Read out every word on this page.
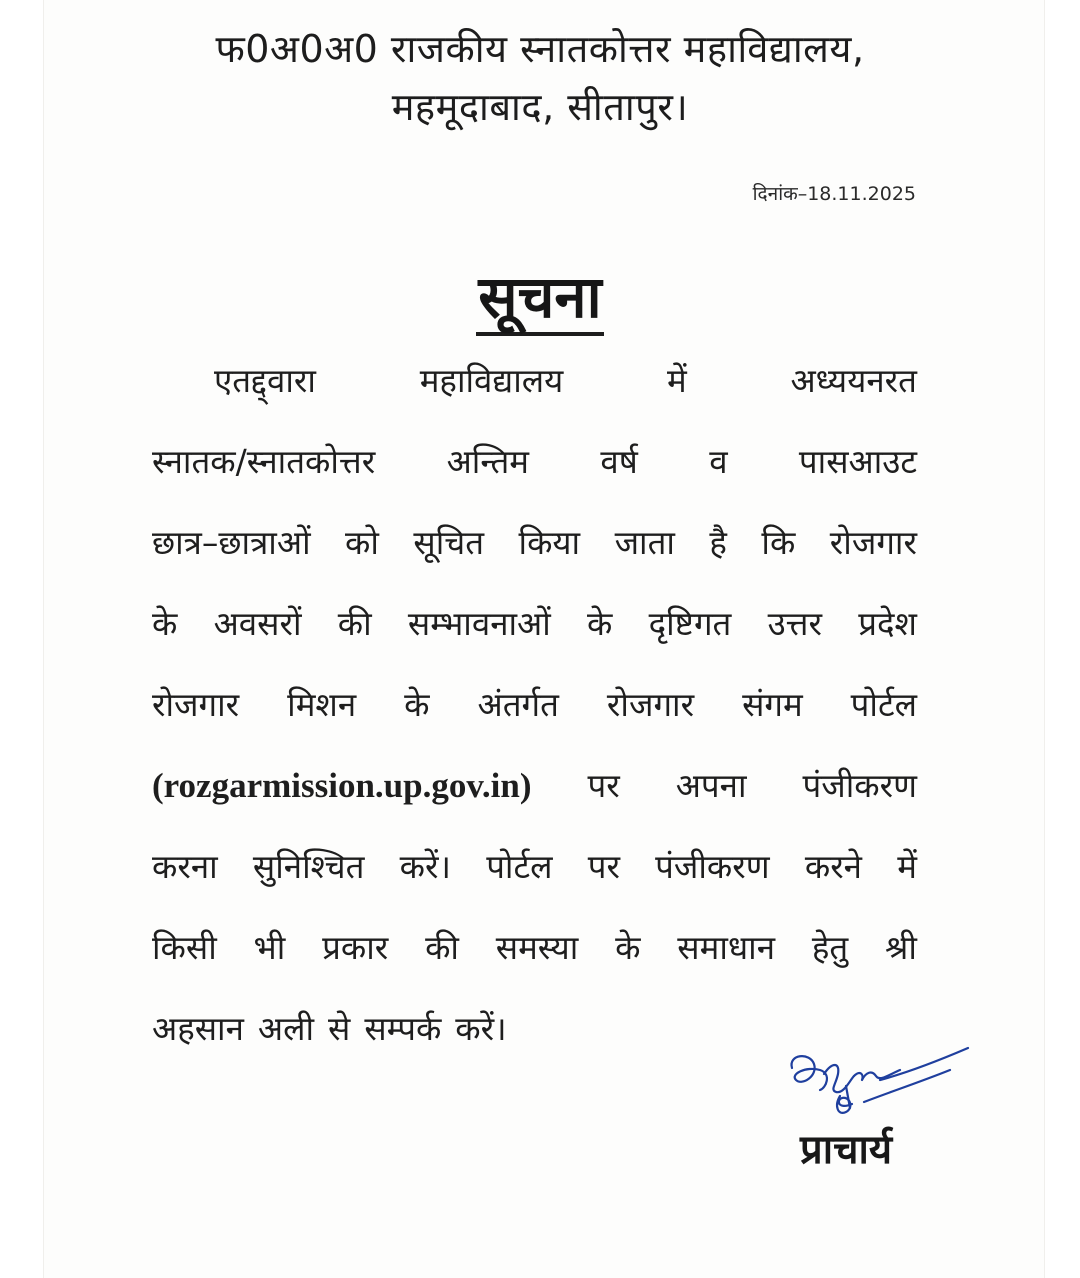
फ0अ0अ0 राजकीय स्नातकोत्तर महाविद्यालय,
महमूदाबाद, सीतापुर।
दिनांक–18.11.2025
सूचना
एतद्द्वारा	महाविद्यालय	में	अध्ययनरत
स्नातक/स्नातकोत्तर अन्तिम वर्ष व पासआउट
छात्र–छात्राओं को सूचित किया जाता है कि रोजगार
के अवसरों की सम्भावनाओं के दृष्टिगत उत्तर प्रदेश
रोजगार मिशन के अंतर्गत रोजगार संगम पोर्टल
(rozgarmission.up.gov.in) पर अपना पंजीकरण
करना सुनिश्चित करें। पोर्टल पर पंजीकरण करने में
किसी भी प्रकार की समस्या के समाधान हेतु श्री
अहसान अली से सम्पर्क करें।
प्राचार्य
